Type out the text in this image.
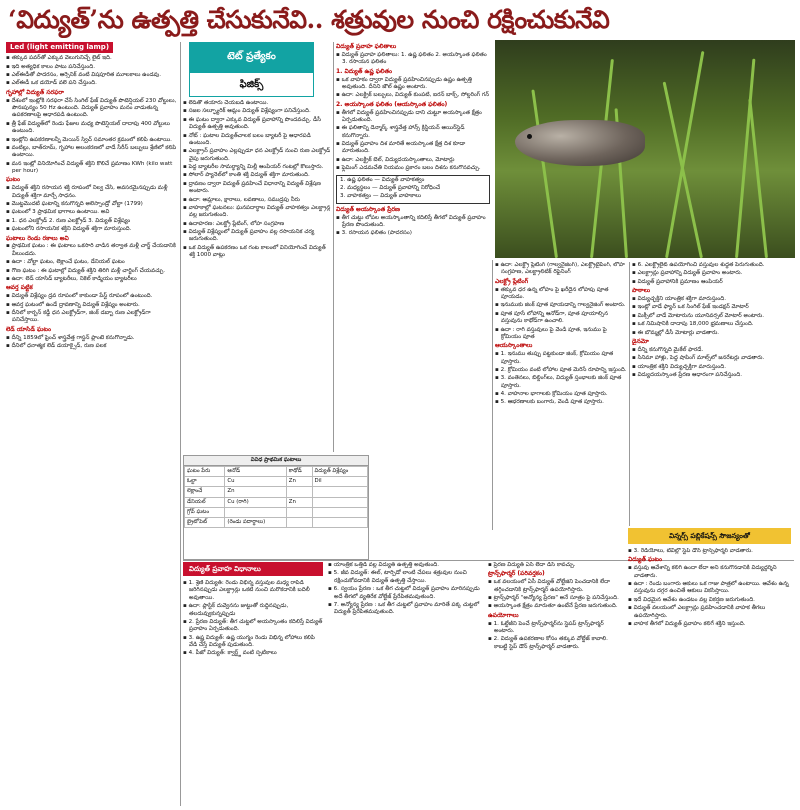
‘విద్యుత్’ను ఉత్పత్తి చేసుకునేవి.. శత్రువుల నుంచి రక్షించుకునేవి
Led (light emitting lamp)

▪ తక్కువ పవర్‌తో ఎక్కువ వెలుగునిచ్చే లైట్‌ ఇది.

▪ ఇది అత్యధిక కాలం పాటు పనిచేస్తుంది.

▪ ఎల్‌ఈడీతో పాదరసం, ఆర్సెనిక్ వంటి విషపూరిత మూలకాలు ఉండవు.

▪ ఎల్‌ఈడీ ఒక డయోడ్‌ వలె పని చేస్తుంది.

గృహాల్లో విద్యుత్‌ సరఫరా

▪ దేశంలో ఇంట్లోకి సరఫరా చేసే సింగిల్‌ ఫేజ్‌ విద్యుత్‌ పొటెన్షియల్‌ 230 వోల్టులు, పౌనఃపున్యం 50 Hz ఉంటుంది. విద్యుత్‌ ప్రవాహం మనం వాడుతున్న ఉపకరణాలపై ఆధారపడి ఉంటుంది.

▪ త్రీ ఫేజ్‌ విద్యుత్‌లో రెండు ఫేజుల మధ్య పొటెన్షియల్‌ దాదాపు 400 వోల్టులు ఉంటుంది.

▪ ఇంట్లోని ఉపకరణాలన్నీ మెయిన్‌ స్విచ్‌ సమాంతర క్రమంలో కలిపి ఉంటాయి.

▪ వంటిల్లు, బాత్‌రూమ్‌, గృహాల అలంకరణలో వాడే సీరీస్‌ బల్బులు శ్రేణిలో కలిపి ఉంటాయి.

▪ మన ఇంట్లో వినియోగించే విద్యుత్‌ శక్తిని కొలిచే ప్రమాణం KWh (kilo watt per hour)

ఘటం

▪ విద్యుత్‌ శక్తిని రసాయన శక్తి రూపంలో నిల్వ చేసి, అవసరమైనప్పుడు మళ్లీ విద్యుత్‌ శక్తిగా మార్చే సాధనం.

▪ మొట్టమొదటి ఘటాన్ని కనుగొన్నది అలెస్సాండ్రో వోల్టా (1799)

▪ ఘటంలో 3 ప్రాథమిక భాగాలు ఉంటాయి. అవి

▪ 1. ధన ఎలక్ట్రోడ్‌ 2. రుణ ఎలక్ట్రోడ్‌ 3. విద్యుత్‌ విశ్లేష్యం

▪ ఘటంలోని రసాయనిక శక్తిని విద్యుత్‌ శక్తిగా మారుస్తుంది.

ఘటాలు రెండు రకాలు అవి

▪ ప్రాథమిక ఘటం : ఈ ఘటాలు ఒకసారి వాడిన తర్వాత మళ్లీ చార్జ్‌ చేయడానికి వీలుండదు.

▪ ఉదా : వోల్టా ఘటం, లెక్లాంచే ఘటం, డేనియల్‌ ఘటం

▪ గౌణ ఘటం : ఈ ఘటాల్లో విద్యుత్‌ శక్తిని తిరిగి మళ్లీ చార్జింగ్‌ చేయవచ్చు.

▪ ఉదా: లెడ్‌ యాసిడ్‌ బ్యాటరీలు, నికెల్‌ కాడ్మియం బ్యాటరీలు

ఆవర్త పట్టిక

▪ విద్యుత్‌ విశ్లేష్యం ద్రవ రూపంలో కాకుండా పేస్ట్‌ రూపంలో ఉంటుంది.

▪ ఆవర్త ఘటంలో ఉండే ద్రావణాన్ని విద్యుత్‌ విశ్లేష్యం అంటారు.

▪ దీనిలో కార్బన్‌ కడ్డీ ధన ఎలక్ట్రోడ్‌గా, జింక్‌ డబ్బా రుణ ఎలక్ట్రోడ్‌గా పనిచేస్తాయి.

లెడ్‌ యాసిడ్‌ ఘటం

▪ దీన్ని 1859లో ఫ్రెంచ్‌ శాస్త్రవేత్త గాస్టన్‌ ప్లాంటె కనుగొన్నాడు.

▪ దీనిలో ధనాత్మక లెడ్‌ డయాక్సైడ్‌, రుణ పలక

టెట్‌ ప్రత్యేకం
ఫిజిక్స్‌

▪ లెడ్‌తో తయారు చేయబడి ఉంటాయి.

▪ సజల సల్ఫ్యూరిక్‌ ఆమ్లం విద్యుత్‌ విశ్లేష్యంగా పనిచేస్తుంది.

▪ ఈ ఘటం ద్వారా ఎక్కువ విద్యుత్‌ ప్రవాహాన్ని పొందవచ్చు. డీసీ విద్యుత్‌ ఉత్పత్తి అవుతుంది.

▪ నోట్‌ : ఘటాల విద్యుత్‌చాలక బలం బ్యాటరీ పై ఆధారపడి ఉంటుంది.

▪ ఎలక్ట్రాన్‌ ప్రవాహం ఎల్లప్పుడూ ధన ఎలక్ట్రోడ్‌ నుంచి రుణ ఎలక్ట్రోడ్‌ వైపు జరుగుతుంది.

▪ పెద్ద బ్యాటరీల సామర్థ్యాన్ని మిల్లీ ఆంపియర్‌ గంటల్లో కొలుస్తారు.

▪ సోలార్‌ ప్యానెల్‌లో కాంతి శక్తి విద్యుత్‌ శక్తిగా మారుతుంది.

▪ ద్రావణం ద్వారా విద్యుత్‌ ప్రవహించే విధానాన్ని విద్యుత్‌ విశ్లేషణ అంటారు.

▪ ఉదా: ఆమ్లాలు, క్షారాలు, లవణాలు, సముద్రపు నీరు

▪ వాహకాల్లో ఘటనలు: ఘనపదార్థాల విద్యుత్‌ వాహకత్వం ఎలక్ట్రాన్ల వల్ల జరుగుతుంది.

▪ ఉదాహరణ: ఎలక్ట్రో ప్లేటింగ్‌, లోహ సంగ్రహణ

▪ విద్యుత్‌ విశ్లేష్యంలో విద్యుత్‌ ప్రవాహం వల్ల రసాయనిక చర్య జరుగుతుంది.

▪ ఒక విద్యుత్‌ ఉపకరణం ఒక గంట కాలంలో వినియోగించే విద్యుత్‌ శక్తి 1000 వాట్లు

వివిధ ప్రాథమిక ఘటాలు
ఘటం పేరు	ఆనోడ్‌	కాథోడ్‌	విద్యుత్‌ విశ్లేష్యం
ఓల్టా	Cu	Zn	Dil
లెక్లాంచే	Zn		
డేనియల్‌	Cu (రాగి)	Zn	
గ్రోవ్‌ ఘటం			
బ్రైటోపెట్‌	(రెండు పదార్థాలు)		
విద్యుత్‌ ప్రవాహ విధానాలు

విద్యుత్‌ ప్రవాహ ఫలితాలు

▪ విద్యుత్‌ ప్రవాహ ఫలితాలు: 1. ఉష్ణ ఫలితం 2. అయస్కాంత ఫలితం 3. రసాయన ఫలితం

1. విద్యుత్‌ ఉష్ణ ఫలితం

▪ ఒక వాహకం ద్వారా విద్యుత్‌ ప్రవహించినప్పుడు ఉష్ణం ఉత్పత్తి అవుతుంది. దీనిని జౌల్‌ ఉష్ణం అంటారు.

▪ ఉదా: ఎలక్ట్రిక్‌ బల్బులు, విద్యుత్‌ కుంపటి, ఐరన్‌ బాక్స్‌, సోల్డరింగ్‌ గన్‌

2. అయస్కాంత ఫలితం (ఆయస్కాంత ఫలితం)

▪ తీగలో విద్యుత్‌ ప్రవహించినప్పుడు దాని చుట్టూ అయస్కాంత క్షేత్రం ఏర్పడుతుంది.

▪ ఈ ఫలితాన్ని డెన్మార్క్‌ శాస్త్రవేత్త హాన్స్‌ క్రిస్టియన్‌ ఆయిర్‌స్టెడ్‌ కనుగొన్నారు.

▪ విద్యుత్‌ ప్రవాహం దిశ మారితే అయస్కాంత క్షేత్ర దిశ కూడా మారుతుంది.

▪ ఉదా: ఎలక్ట్రిక్‌ బెల్‌, విద్యుదయస్కాంతాలు, మోటార్లు

▪ ఫ్లెమింగ్‌ ఎడమచేతి నియమం ప్రకారం బలం దిశను కనుగొనవచ్చు.

1. ఉష్ణ ఫలితం — విద్యుత్‌ వాహకత్వం

2. మధ్యస్థలం — విద్యుత్‌ ప్రవాహాన్ని నిరోధించే

3. వాహకత్వం — విద్యుత్‌ వాహకాలు

విద్యుత్‌ అయస్కాంత ప్రేరణ

▪ తీగ చుట్టు లోపల అయస్కాంతాన్ని కదిలిస్తే తీగలో విద్యుత్‌ ప్రవాహం ప్రేరణ పొందుతుంది.

▪ 3. రసాయన ఫలితం (పాదరసం)

▪ ఉదా: ఎలక్ట్రో ప్లేటింగ్‌ (గాల్వనైజింగ్‌), ఎలక్ట్రోటైపింగ్‌, లోహ సంగ్రహణ, ఎలక్ట్రాలిటిక్‌ రిఫైనింగ్‌

ఎలక్ట్రో ప్లేటింగ్‌

▪ తక్కువ ధర ఉన్న లోహం పై ఖరీదైన లోహపు పూత పూయడం.

▪ ఇనుముకు జింక్‌ పూత పూయడాన్ని గాల్వనైజింగ్‌ అంటారు.

▪ పూత పూసే లోహాన్ని ఆనోడ్‌గా, పూత పూయాల్సిన వస్తువును కాథోడ్‌గా ఉంచాలి.

▪ ఉదా : రాగి వస్తువులు పై వెండి పూత, ఇనుము పై క్రోమియం పూత

ఆయస్కాంతాలు

▪ 1. ఇనుము తుప్పు పట్టకుండా జింక్‌, క్రోమియం పూత పూస్తారు.

▪ 2. క్రోమియం వంటి లోహాల పూత మెరిసే రూపాన్ని ఇస్తుంది.

▪ 3. వంతెనలు, బిల్డింగ్‌లు, విద్యుత్‌ స్తంభాలకు జింక్‌ పూత పూస్తారు.

▪ 4. వాహనాల భాగాలకు క్రోమియం పూత పూస్తారు.

▪ 5. ఆభరణాలకు బంగారు, వెండి పూత పూస్తారు.

▪ 6. ఎలక్ట్రోలైట్‌ ఉపయోగించి వస్తువుల శుద్ధత పెరుగుతుంది.

▪ ఎలక్ట్రాన్లు ప్రవాహాన్ని విద్యుత్‌ ప్రవాహం అంటారు.

▪ విద్యుత్‌ ప్రవాహానికి ప్రమాణం ఆంపియర్‌

పాఠాలు

▪ విద్యుచ్ఛక్తిని యాంత్రిక శక్తిగా మారుస్తుంది.

▪ ఇంట్లో వాడే ఫ్యాన్‌ ఒక సింగిల్‌ ఫేజ్‌ ఇండక్షన్‌ మోటార్‌

▪ మిక్సీలో వాడే మోటారును యూనివర్సల్‌ మోటార్‌ అంటారు.

▪ ఒక నిమిషానికి దాదాపు 18,000 భ్రమణాలు చేస్తుంది.

▪ ఈ బొమ్మల్లో డీసీ మోటార్లు వాడతారు.

డైనమో

▪ దీన్ని కనుగొన్నది మైకేల్‌ ఫారడే.

▪ సినిమా హాళ్లు, పెద్ద షాపింగ్‌ మాల్స్‌లో జనరేటర్లు వాడతారు.

▪ యాంత్రిక శక్తిని విద్యుచ్ఛక్తిగా మారుస్తుంది.

▪ విద్యుదయస్కాంత ప్రేరణ ఆధారంగా పనిచేస్తుంది.

విన్నర్స్‌ పబ్లికేషన్స్‌ సౌజన్యంతో

▪ 1. శ్రేణి విద్యుత్‌: రెండు విభిన్న వస్తువుల మధ్య రాపిడి జరిగినప్పుడు ఎలక్ట్రాన్లు ఒకటి నుంచి మరొకదానికి బదిలీ అవుతాయి.

▪ ఉదా: ప్లాస్టిక్‌ దువ్వెనను జుట్టుతో రుద్దినప్పుడు, తలదువ్వుకున్నప్పుడు

▪ 2. ప్రేరణ విద్యుత్‌: తీగ చుట్టలో అయస్కాంతం కదిలిస్తే విద్యుత్‌ ప్రవాహం ఏర్పడుతుంది.

▪ 3. ఉష్ణ విద్యుత్‌: ఉష్ణ యుగ్మం రెండు విభిన్న లోహాలు కలిపి వేడి చేస్తే విద్యుత్‌ పుడుతుంది.

▪ 4. పీజో విద్యుత్‌: క్వార్ట్జ్‌ వంటి స్ఫటికాలు

▪ యాంత్రిక ఒత్తిడి వల్ల విద్యుత్‌ ఉత్పత్తి అవుతుంది.

▪ 5. జీవ విద్యుత్‌: ఈల్‌, టార్పిడో లాంటి చేపలు శత్రువుల నుంచి రక్షించుకోవడానికి విద్యుత్‌ ఉత్పత్తి చేస్తాయి.

▪ 6. స్వయం ప్రేరణ : ఒక తీగ చుట్టలో విద్యుత్‌ ప్రవాహం మారినప్పుడు అదే తీగలో వ్యతిరేక వోల్టేజ్‌ ప్రేరేపితమవుతుంది.

▪ 7. అన్యోన్య ప్రేరణ : ఒక తీగ చుట్టలో ప్రవాహం మారితే పక్క చుట్టలో విద్యుత్‌ ప్రేరేపితమవుతుంది.

▪ ప్రేరణ విద్యుత్‌ ఏసీ లేదా డీసీ కావచ్చు.

ట్రాన్స్‌ఫార్మర్‌ (పరివర్తకం)

▪ ఒక వలయంలో ఏసీ విద్యుత్‌ వోల్టేజిని పెంచడానికి లేదా తగ్గించడానికి ట్రాన్స్‌ఫార్మర్‌ ఉపయోగిస్తారు.

▪ ట్రాన్స్‌ఫార్మర్‌ "అన్యోన్య ప్రేరణ" అనే సూత్రం పై పనిచేస్తుంది.

▪ ఆయస్కాంత క్షేత్రం మారుతూ ఉంటేనే ప్రేరణ జరుగుతుంది.

ఉపయోగాలు

▪ 1. ఓల్టేజీని పెంచే ట్రాన్స్‌ఫార్మర్‌ను స్టెపప్‌ ట్రాన్స్‌ఫార్మర్‌ అంటారు.

▪ 2. విద్యుత్‌ ఉపకరణాల కోసం తక్కువ వోల్టేజ్‌ కావాలి. కాబట్టి స్టెప్‌ డౌన్‌ ట్రాన్స్‌ఫార్మర్‌ వాడతారు.

▪ 3. రేడియోలు, టీవీల్లో స్టెప్‌ డౌన్‌ ట్రాన్స్‌ఫార్మర్‌ వాడతారు.

విద్యుత్‌ ఘటం

▪ వస్తువు ఆవేశాన్ని కలిగి ఉందా లేదా అని కనుగొనడానికి విద్యుద్దర్శిని వాడతారు.

▪ ఉదా : రెండు బంగారు ఆకులు ఒక గాజు పాత్రలో ఉంటాయి. ఆవేశం ఉన్న వస్తువును దగ్గర ఉంచితే ఆకులు వికసిస్తాయి.

▪ ఇదే విధమైన ఆవేశం ఉండటం వల్ల వికర్షణ జరుగుతుంది.

▪ విద్యుత్‌ వలయంలో ఎలక్ట్రాన్లు ప్రవహించడానికి వాహక తీగలు ఉపయోగిస్తారు.

▪ వాహక తీగలో విద్యుత్‌ ప్రవాహం కలిగే శక్తిని ఇస్తుంది.
